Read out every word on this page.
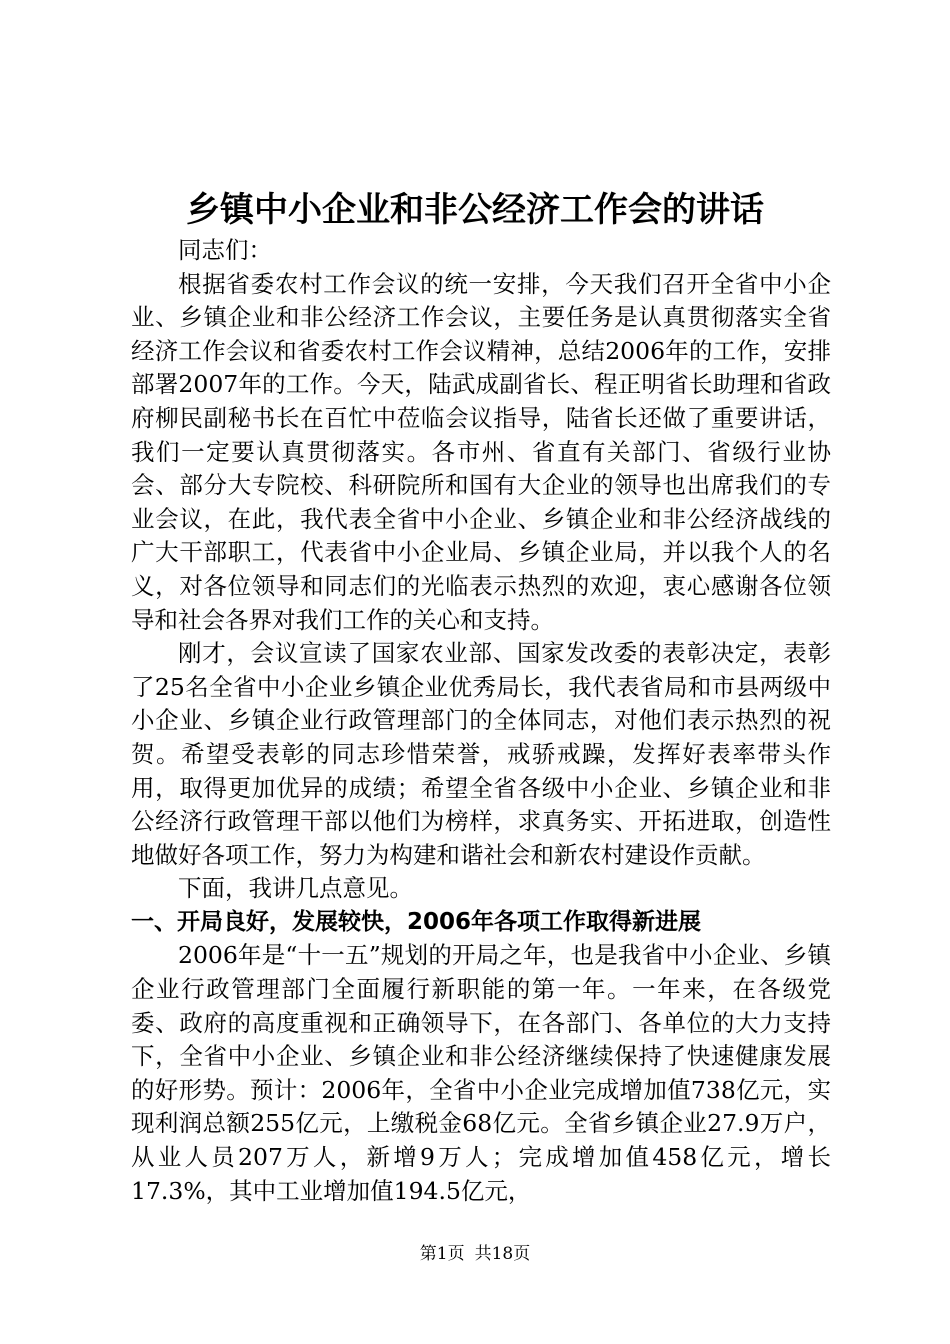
乡镇中小企业和非公经济工作会的讲话

同志们：

根据省委农村工作会议的统一安排，今天我们召开全省中小企业、乡镇企业和非公经济工作会议，主要任务是认真贯彻落实全省经济工作会议和省委农村工作会议精神，总结2006年的工作，安排部署2007年的工作。今天，陆武成副省长、程正明省长助理和省政府柳民副秘书长在百忙中莅临会议指导，陆省长还做了重要讲话，我们一定要认真贯彻落实。各市州、省直有关部门、省级行业协会、部分大专院校、科研院所和国有大企业的领导也出席我们的专业会议，在此，我代表全省中小企业、乡镇企业和非公经济战线的广大干部职工，代表省中小企业局、乡镇企业局，并以我个人的名义，对各位领导和同志们的光临表示热烈的欢迎，衷心感谢各位领导和社会各界对我们工作的关心和支持。

刚才，会议宣读了国家农业部、国家发改委的表彰决定，表彰了25名全省中小企业乡镇企业优秀局长，我代表省局和市县两级中小企业、乡镇企业行政管理部门的全体同志，对他们表示热烈的祝贺。希望受表彰的同志珍惜荣誉，戒骄戒躁，发挥好表率带头作用，取得更加优异的成绩；希望全省各级中小企业、乡镇企业和非公经济行政管理干部以他们为榜样，求真务实、开拓进取，创造性地做好各项工作，努力为构建和谐社会和新农村建设作贡献。

下面，我讲几点意见。

一、开局良好，发展较快，2006年各项工作取得新进展

2006年是“十一五”规划的开局之年，也是我省中小企业、乡镇企业行政管理部门全面履行新职能的第一年。一年来，在各级党委、政府的高度重视和正确领导下，在各部门、各单位的大力支持下，全省中小企业、乡镇企业和非公经济继续保持了快速健康发展的好形势。预计：2006年，全省中小企业完成增加值738亿元，实现利润总额255亿元，上缴税金68亿元。全省乡镇企业27.9万户，从业人员207万人，新增9万人；完成增加值458亿元，增长17.3%，其中工业增加值194.5亿元，

第1页 共18页
